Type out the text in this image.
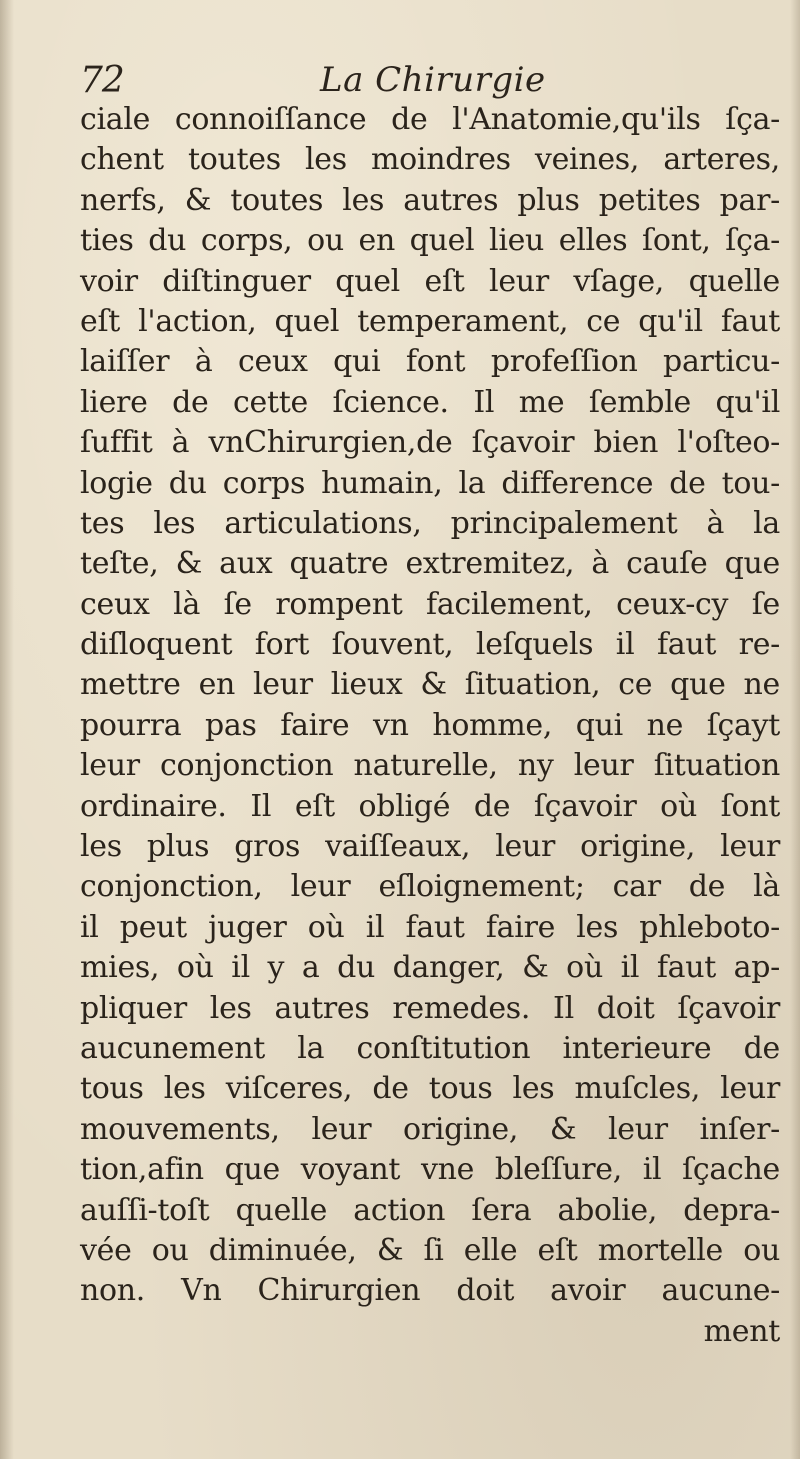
72	La Chirurgie
ciale connoiſſance de l'Anatomie,qu'ils ſça-
chent toutes les moindres veines, arteres,
nerfs, & toutes les autres plus petites par-
ties du corps, ou en quel lieu elles ſont, ſça-
voir diſtinguer quel eſt leur vſage, quelle
eſt l'action, quel temperament, ce qu'il faut
laiſſer à ceux qui font profeſſion particu-
liere de cette ſcience. Il me ſemble qu'il
ſuffit à vnChirurgien,de ſçavoir bien l'oſteo-
logie du corps humain, la difference de tou-
tes les articulations, principalement à la
teſte, & aux quatre extremitez, à cauſe que
ceux là ſe rompent facilement, ceux-cy ſe
diſloquent fort ſouvent, leſquels il faut re-
mettre en leur lieux & ſituation, ce que ne
pourra pas faire vn homme, qui ne ſçayt
leur conjonction naturelle, ny leur ſituation
ordinaire. Il eſt obligé de ſçavoir où ſont
les plus gros vaiſſeaux, leur origine, leur
conjonction, leur eſloignement; car de là
il peut juger où il faut faire les phleboto-
mies, où il y a du danger, & où il faut ap-
pliquer les autres remedes. Il doit ſçavoir
aucunement la conſtitution interieure de
tous les viſceres, de tous les muſcles, leur
mouvements, leur origine, & leur inſer-
tion,afin que voyant vne bleſſure, il ſçache
auſſi-toſt quelle action ſera abolie, depra-
vée ou diminuée, & ſi elle eſt mortelle ou
non. Vn Chirurgien doit avoir aucune-
ment
